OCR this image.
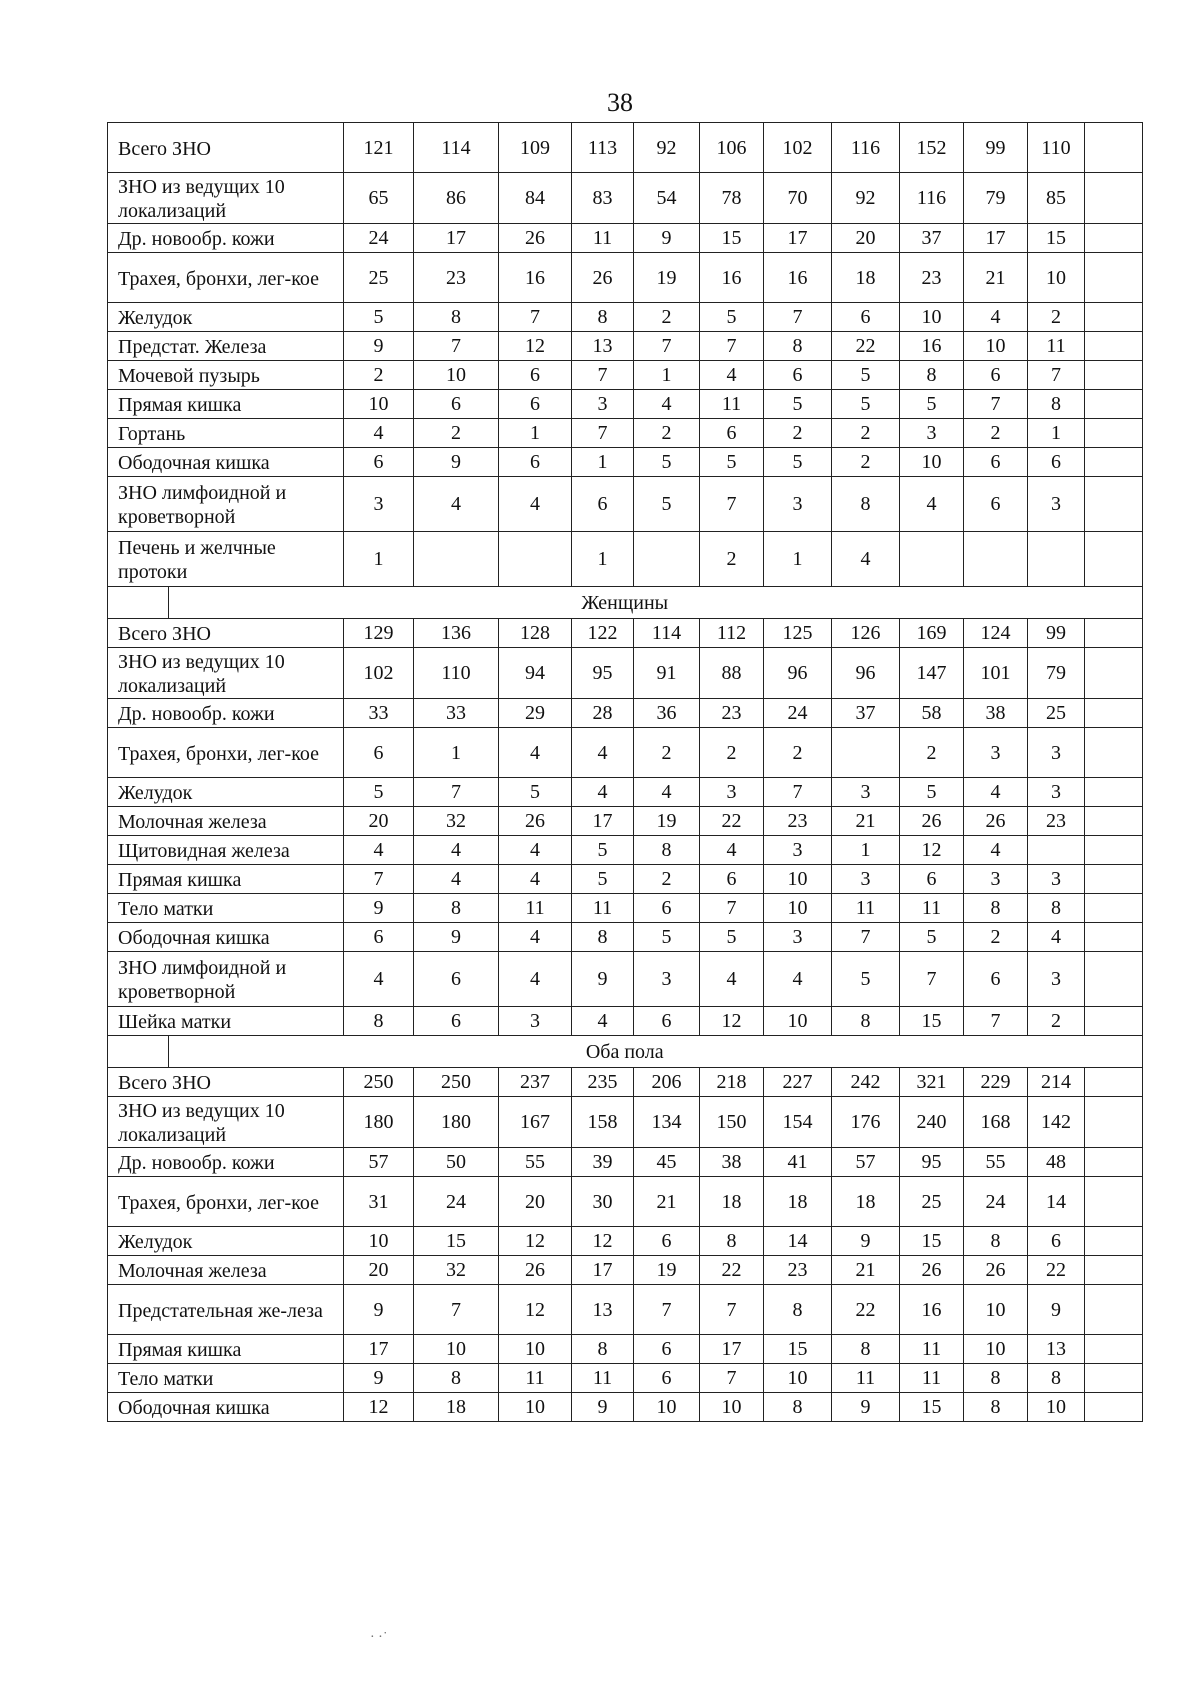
38
Всего ЗНО	121	114	109	113	92	106	102	116	152	99	110	
ЗНО из ведущих 10 локализаций	65	86	84	83	54	78	70	92	116	79	85	
Др. новообр. кожи	24	17	26	11	9	15	17	20	37	17	15	
Трахея, бронхи, лег-кое	25	23	16	26	19	16	16	18	23	21	10	
Желудок	5	8	7	8	2	5	7	6	10	4	2	
Предстат. Железа	9	7	12	13	7	7	8	22	16	10	11	
Мочевой пузырь	2	10	6	7	1	4	6	5	8	6	7	
Прямая кишка	10	6	6	3	4	11	5	5	5	7	8	
Гортань	4	2	1	7	2	6	2	2	3	2	1	
Ободочная кишка	6	9	6	1	5	5	5	2	10	6	6	
ЗНО лимфоидной и кроветворной	3	4	4	6	5	7	3	8	4	6	3	
Печень и желчные протоки	1			1		2	1	4				

	Женщины											
Всего ЗНО	129	136	128	122	114	112	125	126	169	124	99	
ЗНО из ведущих 10 локализаций	102	110	94	95	91	88	96	96	147	101	79	
Др. новообр. кожи	33	33	29	28	36	23	24	37	58	38	25	
Трахея, бронхи, лег-кое	6	1	4	4	2	2	2		2	3	3	
Желудок	5	7	5	4	4	3	7	3	5	4	3	
Молочная железа	20	32	26	17	19	22	23	21	26	26	23	
Щитовидная железа	4	4	4	5	8	4	3	1	12	4		
Прямая кишка	7	4	4	5	2	6	10	3	6	3	3	
Тело матки	9	8	11	11	6	7	10	11	11	8	8	
Ободочная кишка	6	9	4	8	5	5	3	7	5	2	4	
ЗНО лимфоидной и кроветворной	4	6	4	9	3	4	4	5	7	6	3	
Шейка матки	8	6	3	4	6	12	10	8	15	7	2	

	Оба пола											
Всего ЗНО	250	250	237	235	206	218	227	242	321	229	214	
ЗНО из ведущих 10 локализаций	180	180	167	158	134	150	154	176	240	168	142	
Др. новообр. кожи	57	50	55	39	45	38	41	57	95	55	48	
Трахея, бронхи, лег-кое	31	24	20	30	21	18	18	18	25	24	14	
Желудок	10	15	12	12	6	8	14	9	15	8	6	
Молочная железа	20	32	26	17	19	22	23	21	26	26	22	
Предстательная же-леза	9	7	12	13	7	7	8	22	16	10	9	
Прямая кишка	17	10	10	8	6	17	15	8	11	10	13	
Тело матки	9	8	11	11	6	7	10	11	11	8	8	
Ободочная кишка	12	18	10	9	10	10	8	9	15	8	10	
· ·˙
